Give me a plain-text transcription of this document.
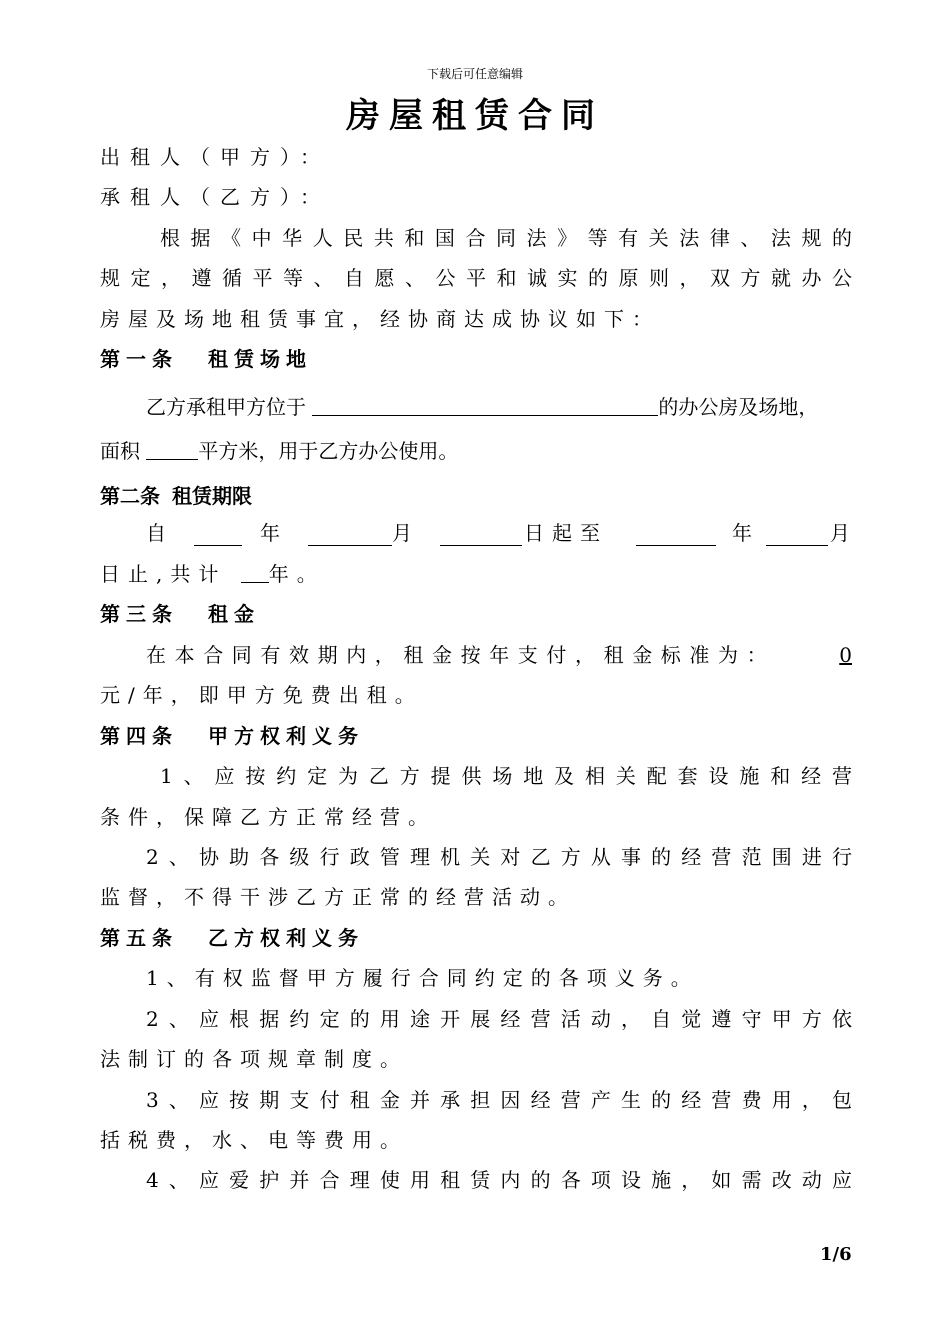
下载后可任意编辑
房屋租赁合同
出租人（甲方）：
承租人（乙方）：
根据《中华人民共和国合同法》等有关法律、法规的
规定，遵循平等、自愿、公平和诚实的原则，双方就办公
房屋及场地租赁事宜，经协商达成协议如下：
第一条 租赁场地
乙方承租甲方位于	的办公房及场地，
面积	平方米，用于乙方办公使用。
第二条 租赁期限
自	年	月	日起至	年	月
日止,共计 年。
第三条 租金
在本合同有效期内，租金按年支付，租金标准为：	0
元/年，即甲方免费出租。
第四条 甲方权利义务
1、应按约定为乙方提供场地及相关配套设施和经营
条件，保障乙方正常经营。
2、协助各级行政管理机关对乙方从事的经营范围进行
监督，不得干涉乙方正常的经营活动。
第五条 乙方权利义务
1、有权监督甲方履行合同约定的各项义务。
2、应根据约定的用途开展经营活动，自觉遵守甲方依
法制订的各项规章制度。
3、应按期支付租金并承担因经营产生的经营费用，包
括税费，水、电等费用。
4、应爱护并合理使用租赁内的各项设施，如需改动应
1/6
